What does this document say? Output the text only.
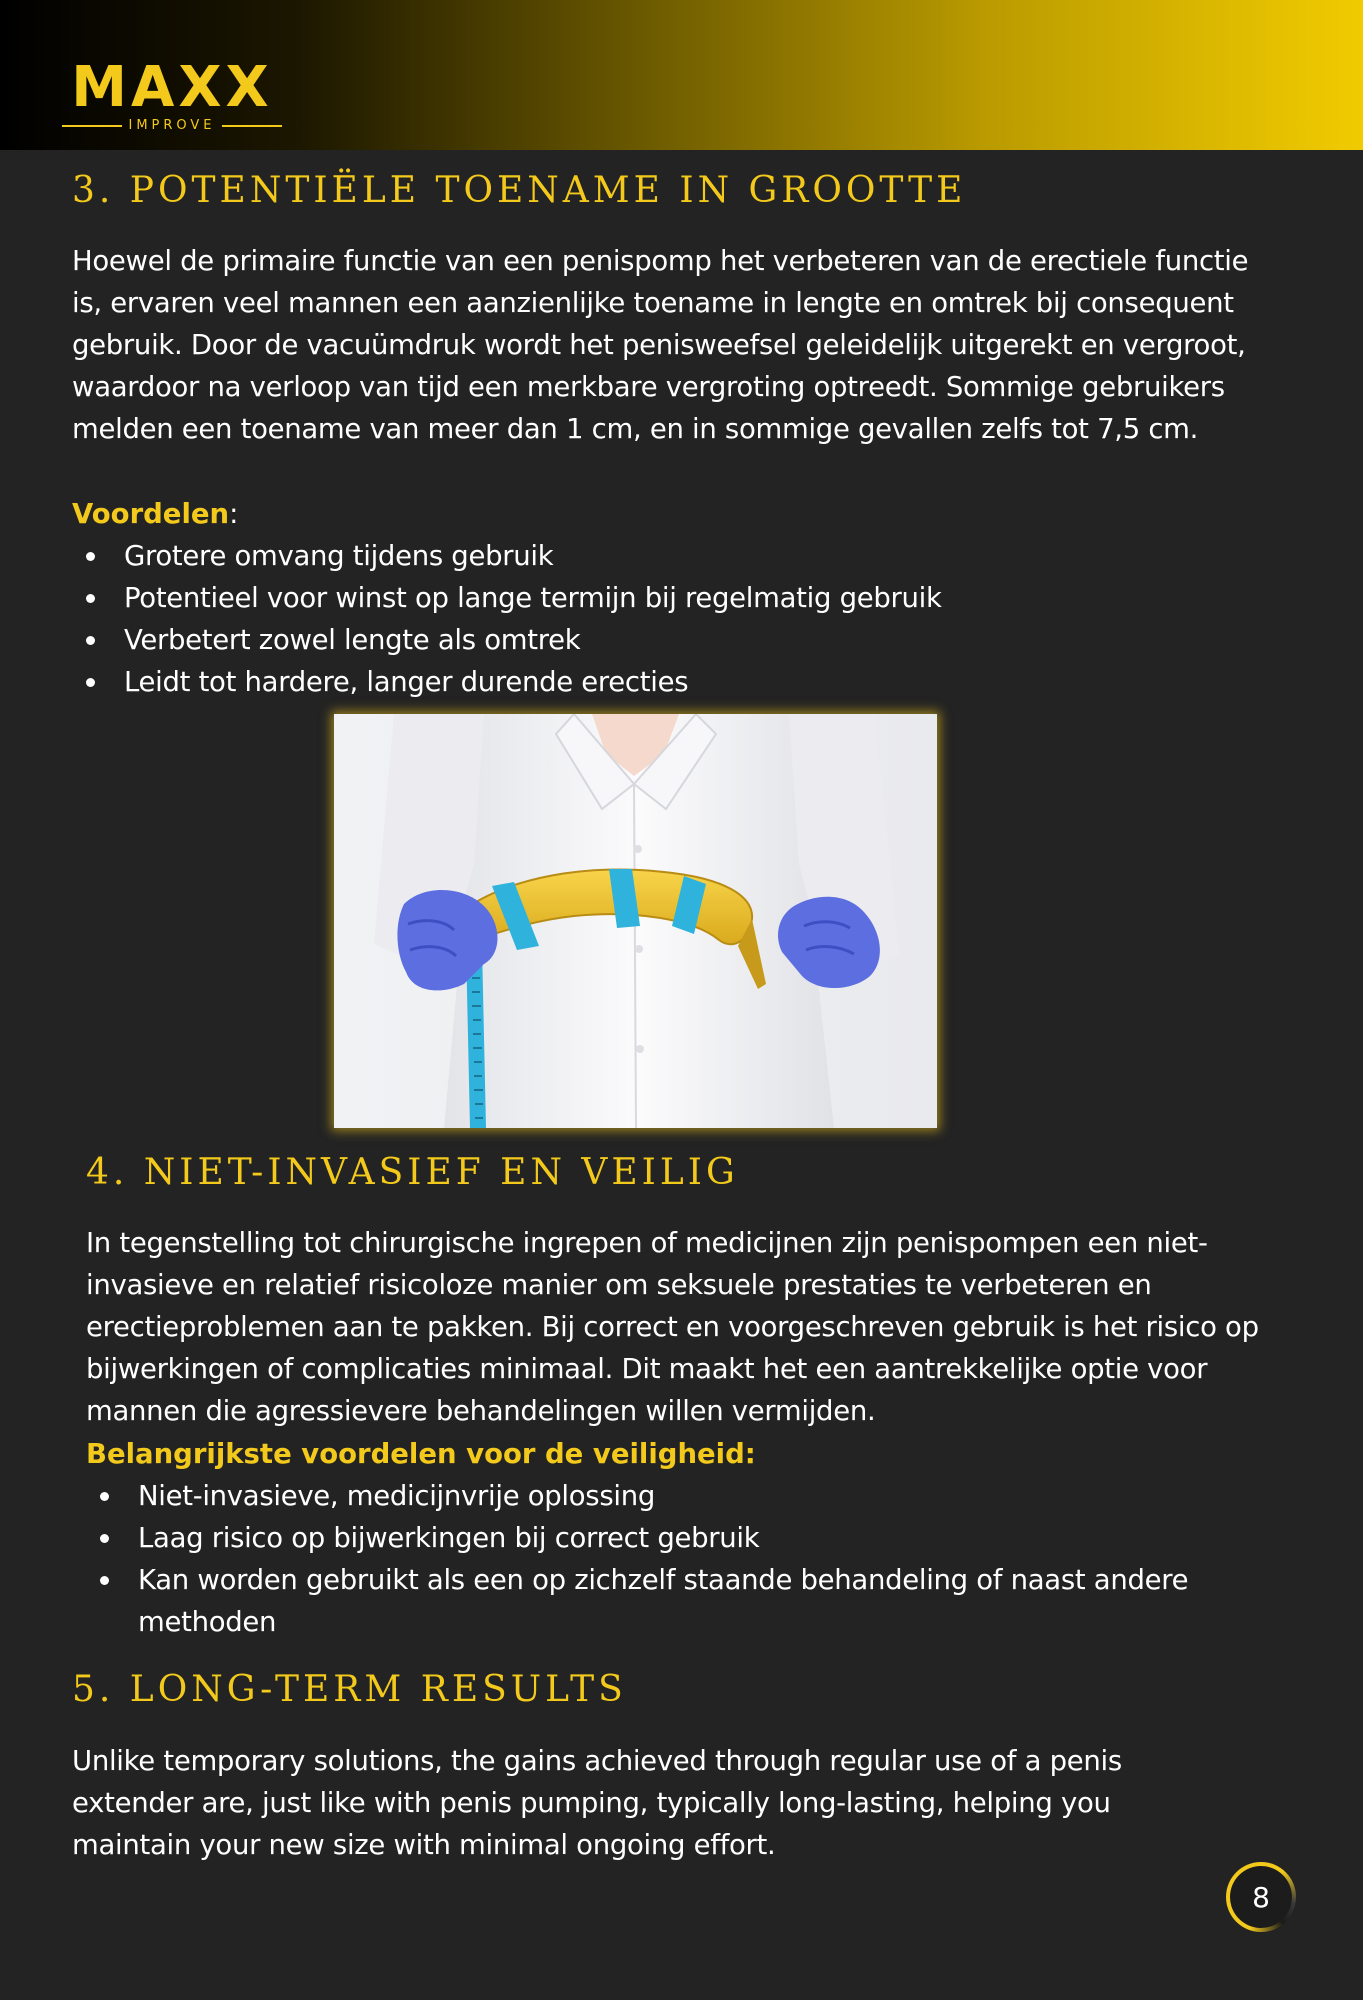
MAXX
IMPROVE
3. POTENTIËLE TOENAME IN GROOTTE

Hoewel de primaire functie van een penispomp het verbeteren van de erectiele functie is, ervaren veel mannen een aanzienlijke toename in lengte en omtrek bij consequent gebruik. Door de vacuümdruk wordt het penisweefsel geleidelijk uitgerekt en vergroot, waardoor na verloop van tijd een merkbare vergroting optreedt. Sommige gebruikers melden een toename van meer dan 1 cm, en in sommige gevallen zelfs tot 7,5 cm.

Voordelen:

Grotere omvang tijdens gebruik
Potentieel voor winst op lange termijn bij regelmatig gebruik
Verbetert zowel lengte als omtrek
Leidt tot hardere, langer durende erecties
4. NIET-INVASIEF EN VEILIG

In tegenstelling tot chirurgische ingrepen of medicijnen zijn penispompen een niet-invasieve en relatief risicoloze manier om seksuele prestaties te verbeteren en erectieproblemen aan te pakken. Bij correct en voorgeschreven gebruik is het risico op bijwerkingen of complicaties minimaal. Dit maakt het een aantrekkelijke optie voor mannen die agressievere behandelingen willen vermijden.

Belangrijkste voordelen voor de veiligheid:

Niet-invasieve, medicijnvrije oplossing
Laag risico op bijwerkingen bij correct gebruik
Kan worden gebruikt als een op zichzelf staande behandeling of naast andere methoden
5. LONG-TERM RESULTS

Unlike temporary solutions, the gains achieved through regular use of a penis extender are, just like with penis pumping, typically long-lasting, helping you maintain your new size with minimal ongoing effort.

8
